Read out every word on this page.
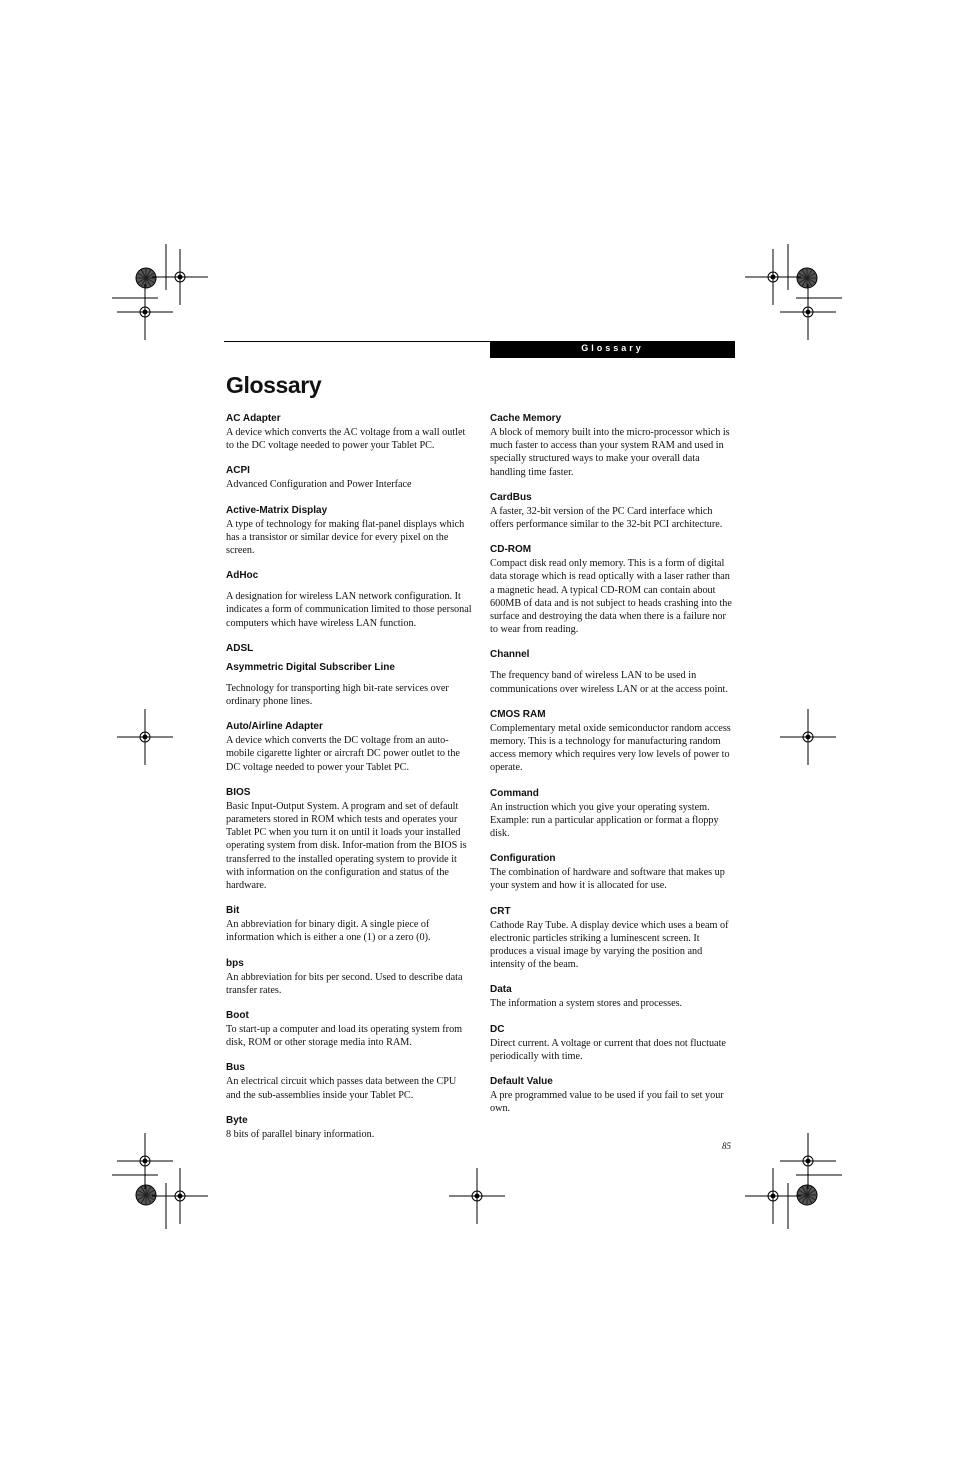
Glossary
Glossary

AC Adapter

A device which converts the AC voltage from a wall outlet to the DC voltage needed to power your Tablet PC.

ACPI

Advanced Configuration and Power Interface

Active-Matrix Display

A type of technology for making flat-panel displays which has a transistor or similar device for every pixel on the screen.

AdHoc

A designation for wireless LAN network configuration. It indicates a form of communication limited to those personal computers which have wireless LAN function.

ADSL

Asymmetric Digital Subscriber Line

Technology for transporting high bit-rate services over ordinary phone lines.

Auto/Airline Adapter

A device which converts the DC voltage from an auto-mobile cigarette lighter or aircraft DC power outlet to the DC voltage needed to power your Tablet PC.

BIOS

Basic Input-Output System. A program and set of default parameters stored in ROM which tests and operates your Tablet PC when you turn it on until it loads your installed operating system from disk. Infor-mation from the BIOS is transferred to the installed operating system to provide it with information on the configuration and status of the hardware.

Bit

An abbreviation for binary digit. A single piece of information which is either a one (1) or a zero (0).

bps

An abbreviation for bits per second. Used to describe data transfer rates.

Boot

To start-up a computer and load its operating system from disk, ROM or other storage media into RAM.

Bus

An electrical circuit which passes data between the CPU and the sub-assemblies inside your Tablet PC.

Byte

8 bits of parallel binary information.

Cache Memory

A block of memory built into the micro-processor which is much faster to access than your system RAM and used in specially structured ways to make your overall data handling time faster.

CardBus

A faster, 32-bit version of the PC Card interface which offers performance similar to the 32-bit PCI architecture.

CD-ROM

Compact disk read only memory. This is a form of digital data storage which is read optically with a laser rather than a magnetic head. A typical CD-ROM can contain about 600MB of data and is not subject to heads crashing into the surface and destroying the data when there is a failure nor to wear from reading.

Channel

The frequency band of wireless LAN to be used in communications over wireless LAN or at the access point.

CMOS RAM

Complementary metal oxide semiconductor random access memory. This is a technology for manufacturing random access memory which requires very low levels of power to operate.

Command

An instruction which you give your operating system. Example: run a particular application or format a floppy disk.

Configuration

The combination of hardware and software that makes up your system and how it is allocated for use.

CRT

Cathode Ray Tube. A display device which uses a beam of electronic particles striking a luminescent screen. It produces a visual image by varying the position and intensity of the beam.

Data

The information a system stores and processes.

DC

Direct current. A voltage or current that does not fluctuate periodically with time.

Default Value

A pre programmed value to be used if you fail to set your own.

85
